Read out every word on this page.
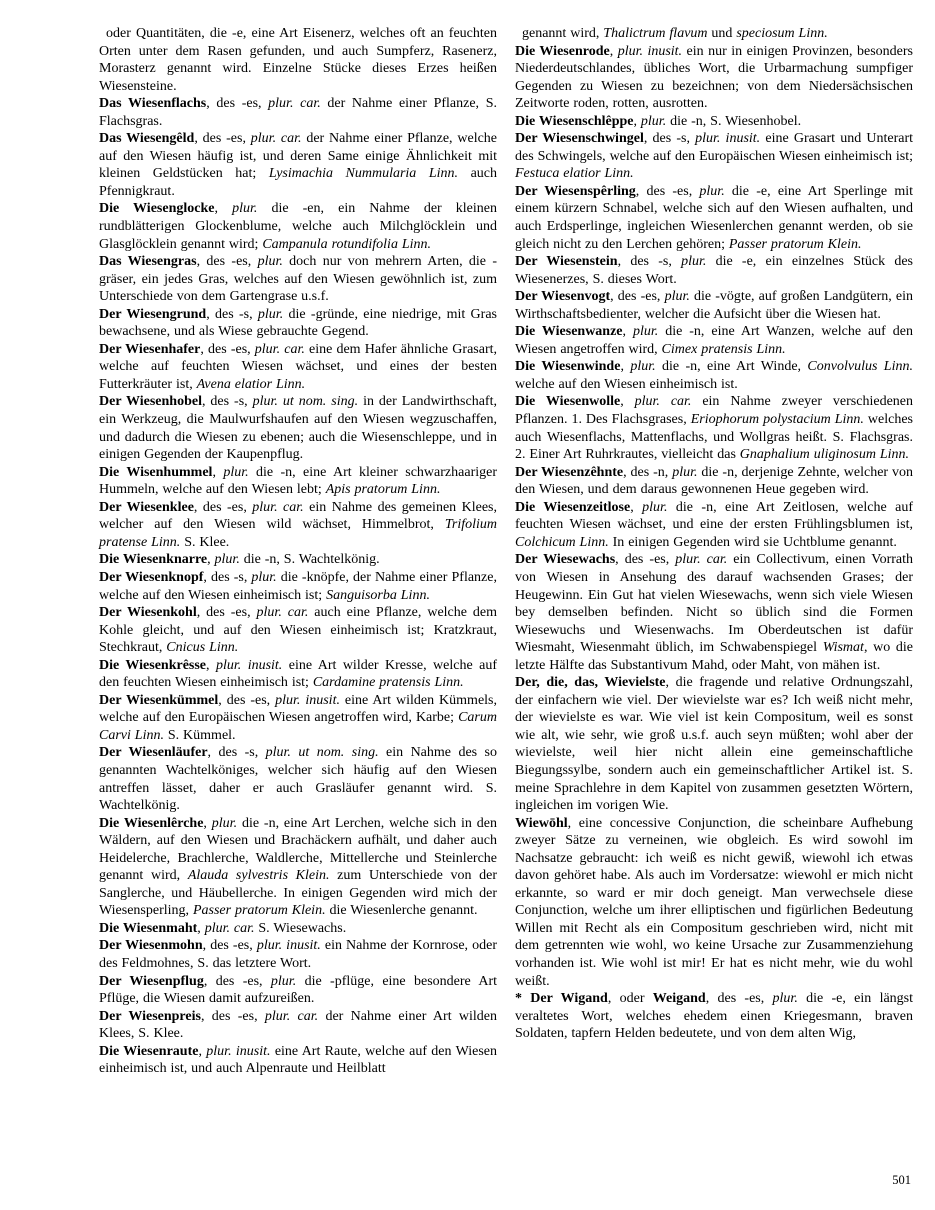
oder Quantitäten, die -e, eine Art Eisenerz, welches oft an feuchten Orten unter dem Rasen gefunden, und auch Sumpferz, Rasenerz, Morasterz genannt wird. Einzelne Stücke dieses Erzes heißen Wiesensteine.

Das Wiesenflachs, des -es, plur. car. der Nahme einer Pflanze, S. Flachsgras.

Das Wiesengêld, des -es, plur. car. der Nahme einer Pflanze, welche auf den Wiesen häufig ist, und deren Same einige Ähnlichkeit mit kleinen Geldstücken hat; Lysimachia Nummularia Linn. auch Pfennigkraut.

Die Wiesenglocke, plur. die -en, ein Nahme der kleinen rundblätterigen Glockenblume, welche auch Milchglöcklein und Glasglöcklein genannt wird; Campanula rotundifolia Linn.

Das Wiesengras, des -es, plur. doch nur von mehrern Arten, die -gräser, ein jedes Gras, welches auf den Wiesen gewöhnlich ist, zum Unterschiede von dem Gartengrase u.s.f.

Der Wiesengrund, des -s, plur. die -gründe, eine niedrige, mit Gras bewachsene, und als Wiese gebrauchte Gegend.

Der Wiesenhafer, des -es, plur. car. eine dem Hafer ähnliche Grasart, welche auf feuchten Wiesen wächset, und eines der besten Futterkräuter ist, Avena elatior Linn.

Der Wiesenhobel, des -s, plur. ut nom. sing. in der Landwirthschaft, ein Werkzeug, die Maulwurfshaufen auf den Wiesen wegzuschaffen, und dadurch die Wiesen zu ebenen; auch die Wiesenschleppe, und in einigen Gegenden der Kaupenpflug.

Die Wisenhummel, plur. die -n, eine Art kleiner schwarzhaariger Hummeln, welche auf den Wiesen lebt; Apis pratorum Linn.

Der Wiesenklee, des -es, plur. car. ein Nahme des gemeinen Klees, welcher auf den Wiesen wild wächset, Himmelbrot, Trifolium pratense Linn. S. Klee.

Die Wiesenknarre, plur. die -n, S. Wachtelkönig.

Der Wiesenknopf, des -s, plur. die -knöpfe, der Nahme einer Pflanze, welche auf den Wiesen einheimisch ist; Sanguisorba Linn.

Der Wiesenkohl, des -es, plur. car. auch eine Pflanze, welche dem Kohle gleicht, und auf den Wiesen einheimisch ist; Kratzkraut, Stechkraut, Cnicus Linn.

Die Wiesenkrêsse, plur. inusit. eine Art wilder Kresse, welche auf den feuchten Wiesen einheimisch ist; Cardamine pratensis Linn.

Der Wiesenkümmel, des -es, plur. inusit. eine Art wilden Kümmels, welche auf den Europäischen Wiesen angetroffen wird, Karbe; Carum Carvi Linn. S. Kümmel.

Der Wiesenläufer, des -s, plur. ut nom. sing. ein Nahme des so genannten Wachtelköniges, welcher sich häufig auf den Wiesen antreffen lässet, daher er auch Grasläufer genannt wird. S. Wachtelkönig.

Die Wiesenlêrche, plur. die -n, eine Art Lerchen, welche sich in den Wäldern, auf den Wiesen und Brachäckern aufhält, und daher auch Heidelerche, Brachlerche, Waldlerche, Mittellerche und Steinlerche genannt wird, Alauda sylvestris Klein. zum Unterschiede von der Sanglerche, und Häubellerche. In einigen Gegenden wird mich der Wiesensperling, Passer pratorum Klein. die Wiesenlerche genannt.

Die Wiesenmaht, plur. car. S. Wiesewachs.

Der Wiesenmohn, des -es, plur. inusit. ein Nahme der Kornrose, oder des Feldmohnes, S. das letztere Wort.

Der Wiesenpflug, des -es, plur. die -pflüge, eine besondere Art Pflüge, die Wiesen damit aufzureißen.

Der Wiesenpreis, des -es, plur. car. der Nahme einer Art wilden Klees, S. Klee.

Die Wiesenraute, plur. inusit. eine Art Raute, welche auf den Wiesen einheimisch ist, und auch Alpenraute und Heilblatt

genannt wird, Thalictrum flavum und speciosum Linn.

Die Wiesenrode, plur. inusit. ein nur in einigen Provinzen, besonders Niederdeutschlandes, übliches Wort, die Urbarmachung sumpfiger Gegenden zu Wiesen zu bezeichnen; von dem Niedersächsischen Zeitworte roden, rotten, ausrotten.

Die Wiesenschlêppe, plur. die -n, S. Wiesenhobel.

Der Wiesenschwingel, des -s, plur. inusit. eine Grasart und Unterart des Schwingels, welche auf den Europäischen Wiesen einheimisch ist; Festuca elatior Linn.

Der Wiesenspêrling, des -es, plur. die -e, eine Art Sperlinge mit einem kürzern Schnabel, welche sich auf den Wiesen aufhalten, und auch Erdsperlinge, ingleichen Wiesenlerchen genannt werden, ob sie gleich nicht zu den Lerchen gehören; Passer pratorum Klein.

Der Wiesenstein, des -s, plur. die -e, ein einzelnes Stück des Wiesenerzes, S. dieses Wort.

Der Wiesenvogt, des -es, plur. die -vögte, auf großen Landgütern, ein Wirthschaftsbedienter, welcher die Aufsicht über die Wiesen hat.

Die Wiesenwanze, plur. die -n, eine Art Wanzen, welche auf den Wiesen angetroffen wird, Cimex pratensis Linn.

Die Wiesenwinde, plur. die -n, eine Art Winde, Convolvulus Linn. welche auf den Wiesen einheimisch ist.

Die Wiesenwolle, plur. car. ein Nahme zweyer verschiedenen Pflanzen. 1. Des Flachsgrases, Eriophorum polystacium Linn. welches auch Wiesenflachs, Mattenflachs, und Wollgras heißt. S. Flachsgras. 2. Einer Art Ruhrkrautes, vielleicht das Gnaphalium uliginosum Linn.

Der Wiesenzêhnte, des -n, plur. die -n, derjenige Zehnte, welcher von den Wiesen, und dem daraus gewonnenen Heue gegeben wird.

Die Wiesenzeitlose, plur. die -n, eine Art Zeitlosen, welche auf feuchten Wiesen wächset, und eine der ersten Frühlingsblumen ist, Colchicum Linn. In einigen Gegenden wird sie Uchtblume genannt.

Der Wiesewachs, des -es, plur. car. ein Collectivum, einen Vorrath von Wiesen in Ansehung des darauf wachsenden Grases; der Heugewinn. Ein Gut hat vielen Wiesewachs, wenn sich viele Wiesen bey demselben befinden. Nicht so üblich sind die Formen Wiesewuchs und Wiesenwachs. Im Oberdeutschen ist dafür Wiesmaht, Wiesenmaht üblich, im Schwabenspiegel Wismat, wo die letzte Hälfte das Substantivum Mahd, oder Maht, von mähen ist.

Der, die, das, Wievielste, die fragende und relative Ordnungszahl, der einfachern wie viel. Der wievielste war es? Ich weiß nicht mehr, der wievielste es war. Wie viel ist kein Compositum, weil es sonst wie alt, wie sehr, wie groß u.s.f. auch seyn müßten; wohl aber der wievielste, weil hier nicht allein eine gemeinschaftliche Biegungssylbe, sondern auch ein gemeinschaftlicher Artikel ist. S. meine Sprachlehre in dem Kapitel von zusammen gesetzten Wörtern, ingleichen im vorigen Wie.

Wiewōhl, eine concessive Conjunction, die scheinbare Aufhebung zweyer Sätze zu verneinen, wie obgleich. Es wird sowohl im Nachsatze gebraucht: ich weiß es nicht gewiß, wiewohl ich etwas davon gehöret habe. Als auch im Vordersatze: wiewohl er mich nicht erkannte, so ward er mir doch geneigt. Man verwechsele diese Conjunction, welche um ihrer elliptischen und figürlichen Bedeutung Willen mit Recht als ein Compositum geschrieben wird, nicht mit dem getrennten wie wohl, wo keine Ursache zur Zusammenziehung vorhanden ist. Wie wohl ist mir! Er hat es nicht mehr, wie du wohl weißt.

* Der Wigand, oder Weigand, des -es, plur. die -e, ein längst veraltetes Wort, welches ehedem einen Kriegesmann, braven Soldaten, tapfern Helden bedeutete, und von dem alten Wig,

501
